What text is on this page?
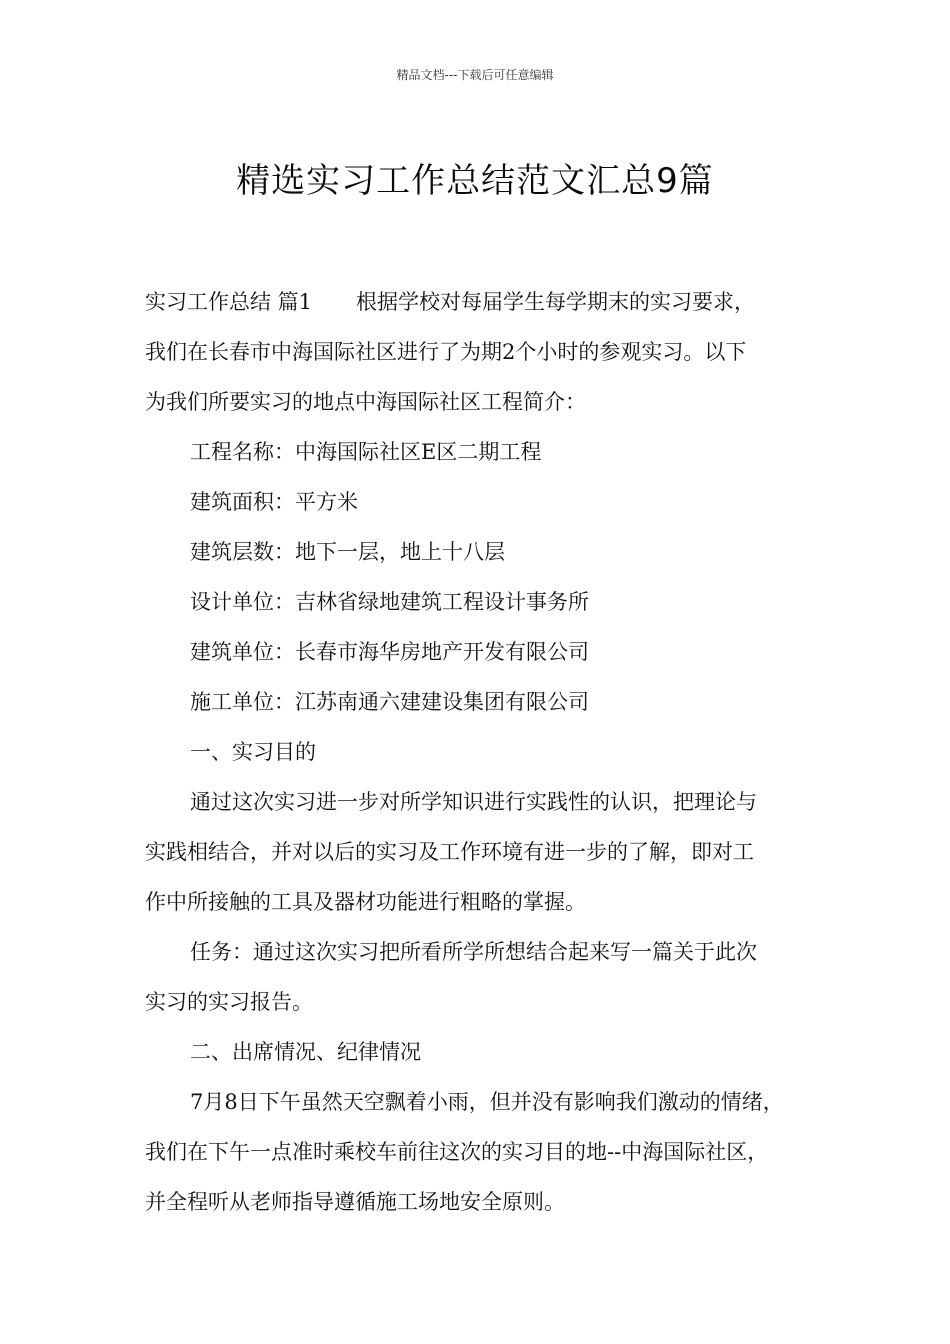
精品文档---下载后可任意编辑
精选实习工作总结范文汇总9篇
实习工作总结 篇1 根据学校对每届学生每学期末的实习要求，
我们在长春市中海国际社区进行了为期2个小时的参观实习。以下
为我们所要实习的地点中海国际社区工程简介：
工程名称：中海国际社区E区二期工程
建筑面积：平方米
建筑层数：地下一层，地上十八层
设计单位：吉林省绿地建筑工程设计事务所
建筑单位：长春市海华房地产开发有限公司
施工单位：江苏南通六建建设集团有限公司
一、实习目的
通过这次实习进一步对所学知识进行实践性的认识，把理论与
实践相结合，并对以后的实习及工作环境有进一步的了解，即对工
作中所接触的工具及器材功能进行粗略的掌握。
任务：通过这次实习把所看所学所想结合起来写一篇关于此次
实习的实习报告。
二、出席情况、纪律情况
7月8日下午虽然天空飘着小雨，但并没有影响我们激动的情绪，
我们在下午一点准时乘校车前往这次的实习目的地--中海国际社区，
并全程听从老师指导遵循施工场地安全原则。
